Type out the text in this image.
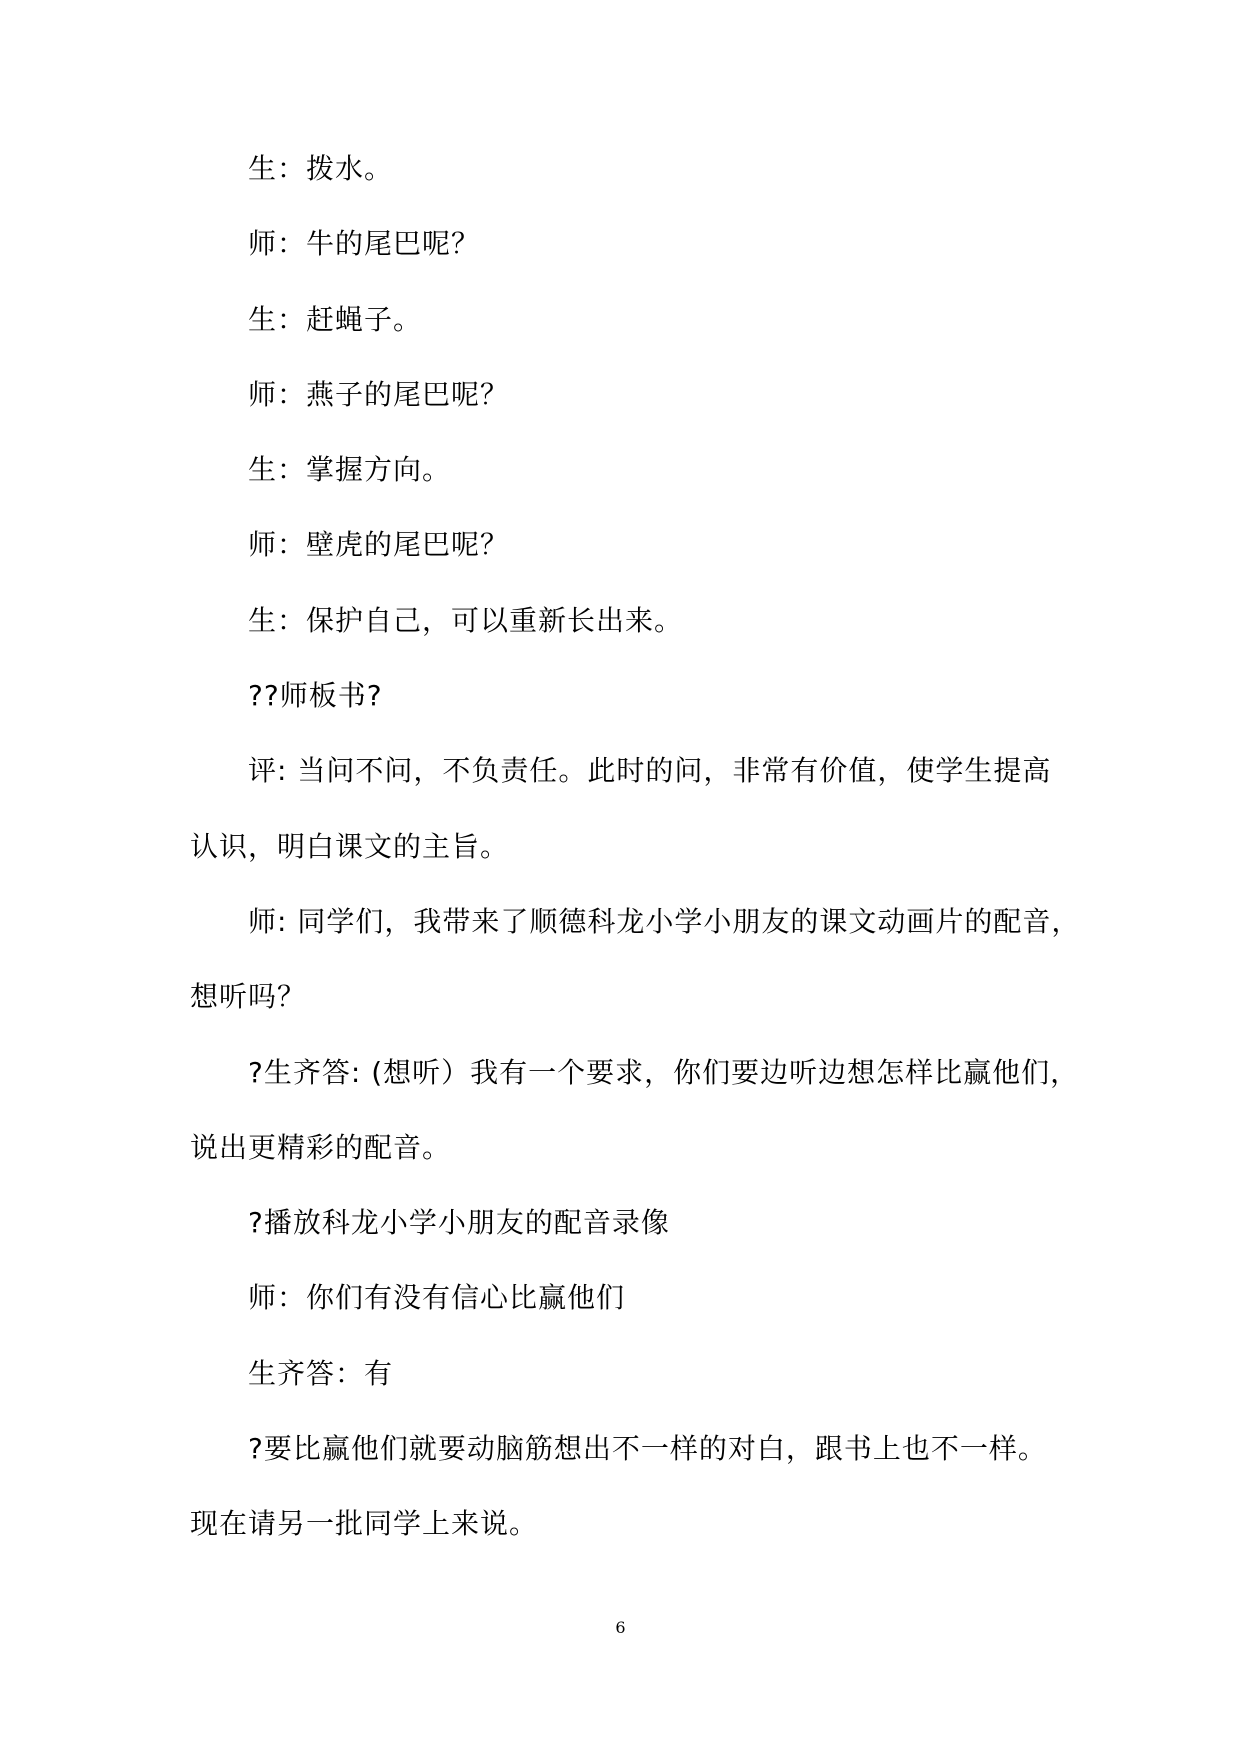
生：拨水。
师：牛的尾巴呢？
生：赶蝇子。
师：燕子的尾巴呢？
生：掌握方向。
师：壁虎的尾巴呢？
生：保护自己，可以重新长出来。
??师板书?
评: 当问不问，不负责任。此时的问，非常有价值，使学生提高
认识，明白课文的主旨。
师: 同学们，我带来了顺德科龙小学小朋友的课文动画片的配音，
想听吗？
?生齐答: (想听）我有一个要求，你们要边听边想怎样比赢他们，
说出更精彩的配音。
?播放科龙小学小朋友的配音录像
师：你们有没有信心比赢他们
生齐答：有
?要比赢他们就要动脑筋想出不一样的对白，跟书上也不一样。
现在请另一批同学上来说。
6
